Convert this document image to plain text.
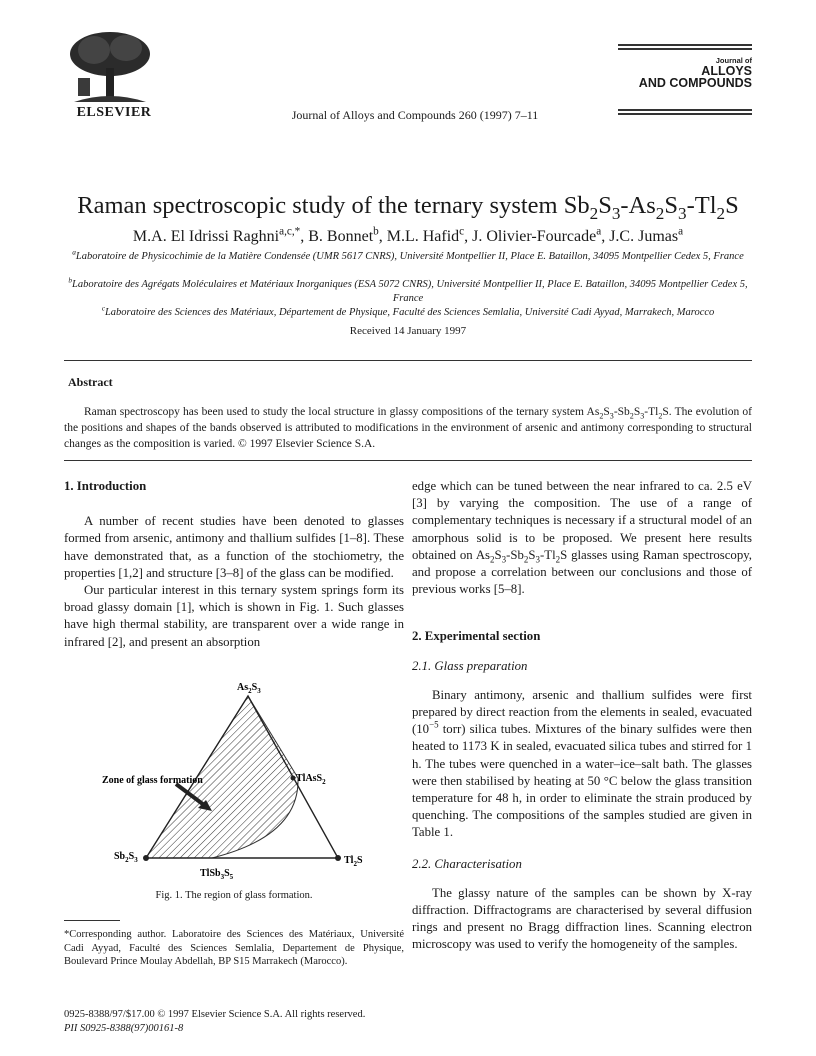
ELSEVIER	Journal of Alloys and Compounds 260 (1997) 7–11
Journal of
ALLOYS
AND COMPOUNDS
Raman spectroscopic study of the ternary system $Sb_2S_3-As_2S_3-Tl_2S$
M.A. El Idrissi Raghni$^{a,c,*}$, B. Bonnet$^b$, M.L. Hafid$^c$, J. Olivier-Fourcade$^a$, J.C. Jumas$^a$
$^a$Laboratoire de Physicochimie de la Matière Condensée (UMR 5617 CNRS), Université Montpellier II, Place E. Bataillon, 34095 Montpellier Cedex 5, France
$^b$Laboratoire des Agrégats Moléculaires et Matériaux Inorganiques (ESA 5072 CNRS), Université Montpellier II, Place E. Bataillon, 34095 Montpellier Cedex 5, France
$^c$Laboratoire des Sciences des Matériaux, Département de Physique, Faculté des Sciences Semlalia, Université Cadi Ayyad, Marrakech, Marocco
Received 14 January 1997
Abstract
Raman spectroscopy has been used to study the local structure in glassy compositions of the ternary system $As_2S_3-Sb_2S_3-Tl_2S$. The evolution of the positions and shapes of the bands observed is attributed to modifications in the environment of arsenic and antimony corresponding to structural changes as the composition is varied. © 1997 Elsevier Science S.A.
1. Introduction

A number of recent studies have been denoted to glasses formed from arsenic, antimony and thallium sulfides [1–8]. These have demonstrated that, as a function of the stochiometry, the properties [1,2] and structure [3–8] of the glass can be modified.

Our particular interest in this ternary system springs form its broad glassy domain [1], which is shown in Fig. 1. Such glasses have high thermal stability, are transparent over a wide range in infrared [2], and present an absorption

$As_2S_3$
TlAsS$_2$
Zone of glass formation
$Sb_2S_3$	$Tl_2S$
$TlSb_3S_5$
Fig. 1. The region of glass formation.
*Corresponding author. Laboratoire des Sciences des Matériaux, Université Cadi Ayyad, Faculté des Sciences Semlalia, Departement de Physique, Boulevard Prince Moulay Abdellah, BP S15 Marrakech (Marocco).
0925-8388/97/$17.00 © 1997 Elsevier Science S.A. All rights reserved.
PII S0925-8388(97)00161-8

edge which can be tuned between the near infrared to ca. 2.5 eV [3] by varying the composition. The use of a range of complementary techniques is necessary if a structural model of an amorphous solid is to be proposed. We present here results obtained on $As_2S_3-Sb_2S_3-Tl_2S$ glasses using Raman spectroscopy, and propose a correlation between our conclusions and those of previous works [5–8].

2. Experimental section
2.1. Glass preparation

Binary antimony, arsenic and thallium sulfides were first prepared by direct reaction from the elements in sealed, evacuated ($10^{-5}$ torr) silica tubes. Mixtures of the binary sulfides were then heated to 1173 K in sealed, evacuated silica tubes and stirred for 1 h. The tubes were quenched in a water–ice–salt bath. The glasses were then stabilised by heating at 50 °C below the glass transition temperature for 48 h, in order to eliminate the strain produced by quenching. The compositions of the samples studied are given in Table 1.

2.2. Characterisation

The glassy nature of the samples can be shown by X-ray diffraction. Diffractograms are characterised by several diffusion rings and present no Bragg diffraction lines. Scanning electron microscopy was used to verify the homogeneity of the samples.
